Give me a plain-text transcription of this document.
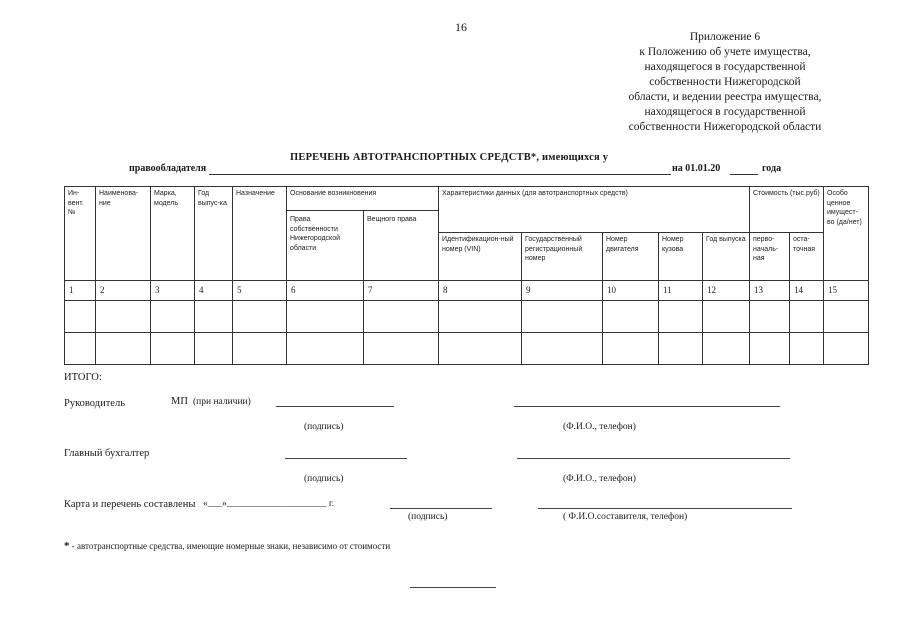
16
Приложение 6
к Положению об учете имущества,
находящегося в государственной
собственности Нижегородской
области, и ведении реестра имущества,
находящегося в государственной
собственности Нижегородской области
ПЕРЕЧЕНЬ АВТОТРАНСПОРТНЫХ СРЕДСТВ*, имеющихся у
правообладателя	на 01.01.20	года
Ин-вент. №	Наименова-ние	Марка, модель	Год выпус-ка	Назначение	Основание возникновения		Характеристики данных (для автотранспортных средств)					Стоимость (тыс.руб)		Особо ценное имущест-во (да/нет)
					Права собственности Нижегородской области	Вещного права								
							Идентификацион-ный номер (VIN)	Государственный регистрационный номер	Номер двигателя	Номер кузова	Год выпуска	перво-началь-ная	оста-точная	
1	2	3	4	5	6	7	8	9	10	11	12	13	14	15

ИТОГО:
Руководитель	МП (при наличии)
(подпись)	(Ф.И.О., телефон)
Главный бухгалтер
(подпись)	(Ф.И.О., телефон)
Карта и перечень составлены «___»_____________________ г.
(подпись)	( Ф.И.О.составителя, телефон)
* - автотранспортные средства, имеющие номерные знаки, независимо от стоимости
